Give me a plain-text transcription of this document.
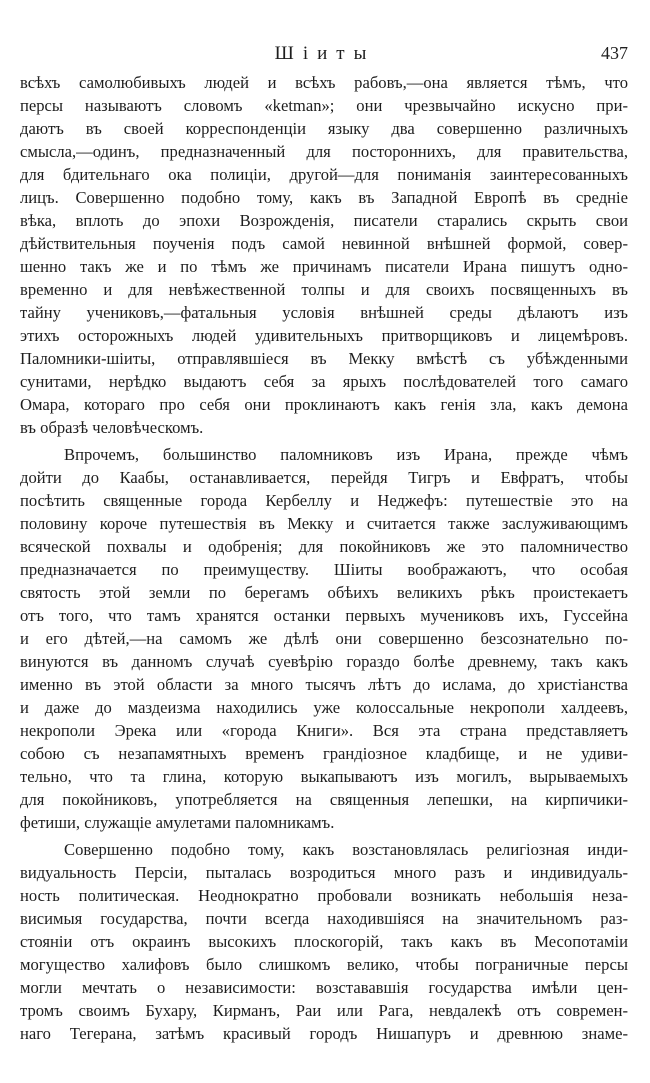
Шіиты	437
всѣхъ самолюбивыхъ людей и всѣхъ рабовъ,—она является тѣмъ, что
персы называютъ словомъ «ketman»; они чрезвычайно искусно при-
даютъ въ своей корреспонденціи языку два совершенно различныхъ
смысла,—одинъ, предназначенный для постороннихъ, для правительства,
для бдительнаго ока полиціи, другой—для пониманія заинтересованныхъ
лицъ. Совершенно подобно тому, какъ въ Западной Европѣ въ средніе
вѣка, вплоть до эпохи Возрожденія, писатели старались скрыть свои
дѣйствительныя поученія подъ самой невинной внѣшней формой, совер-
шенно такъ же и по тѣмъ же причинамъ писатели Ирана пишутъ одно-
временно и для невѣжественной толпы и для своихъ посвященныхъ въ
тайну учениковъ,—фатальныя условія внѣшней среды дѣлаютъ изъ
этихъ осторожныхъ людей удивительныхъ притворщиковъ и лицемѣровъ.
Паломники-шіиты, отправлявшіеся въ Мекку вмѣстѣ съ убѣжденными
сунитами, нерѣдко выдаютъ себя за ярыхъ послѣдователей того самаго
Омара, котораго про себя они проклинаютъ какъ генія зла, какъ демона
въ образѣ человѣческомъ.
Впрочемъ, большинство паломниковъ изъ Ирана, прежде чѣмъ
дойти до Каабы, останавливается, перейдя Тигръ и Евфратъ, чтобы
посѣтить священные города Кербеллу и Неджефъ: путешествіе это на
половину короче путешествія въ Мекку и считается также заслуживающимъ
всяческой похвалы и одобренія; для покойниковъ же это паломничество
предназначается по преимуществу. Шіиты воображаютъ, что особая
святость этой земли по берегамъ обѣихъ великихъ рѣкъ проистекаетъ
отъ того, что тамъ хранятся останки первыхъ мучениковъ ихъ, Гуссейна
и его дѣтей,—на самомъ же дѣлѣ они совершенно безсознательно по-
винуются въ данномъ случаѣ суевѣрію гораздо болѣе древнему, такъ какъ
именно въ этой области за много тысячъ лѣтъ до ислама, до христіанства
и даже до маздеизма находились уже колоссальные некрополи халдеевъ,
некрополи Эрека или «города Книги». Вся эта страна представляетъ
собою съ незапамятныхъ временъ грандіозное кладбище, и не удиви-
тельно, что та глина, которую выкапываютъ изъ могилъ, вырываемыхъ
для покойниковъ, употребляется на священныя лепешки, на кирпичики-
фетиши, служащіе амулетами паломникамъ.
Совершенно подобно тому, какъ возстановлялась религіозная инди-
видуальность Персіи, пыталась возродиться много разъ и индивидуаль-
ность политическая. Неоднократно пробовали возникать небольшія неза-
висимыя государства, почти всегда находившіяся на значительномъ раз-
стояніи отъ окраинъ высокихъ плоскогорій, такъ какъ въ Месопотаміи
могущество халифовъ было слишкомъ велико, чтобы пограничные персы
могли мечтать о независимости: возстававшія государства имѣли цен-
тромъ своимъ Бухару, Кирманъ, Раи или Рага, невдалекѣ отъ современ-
наго Тегерана, затѣмъ красивый городъ Нишапуръ и древнюю знаме-
